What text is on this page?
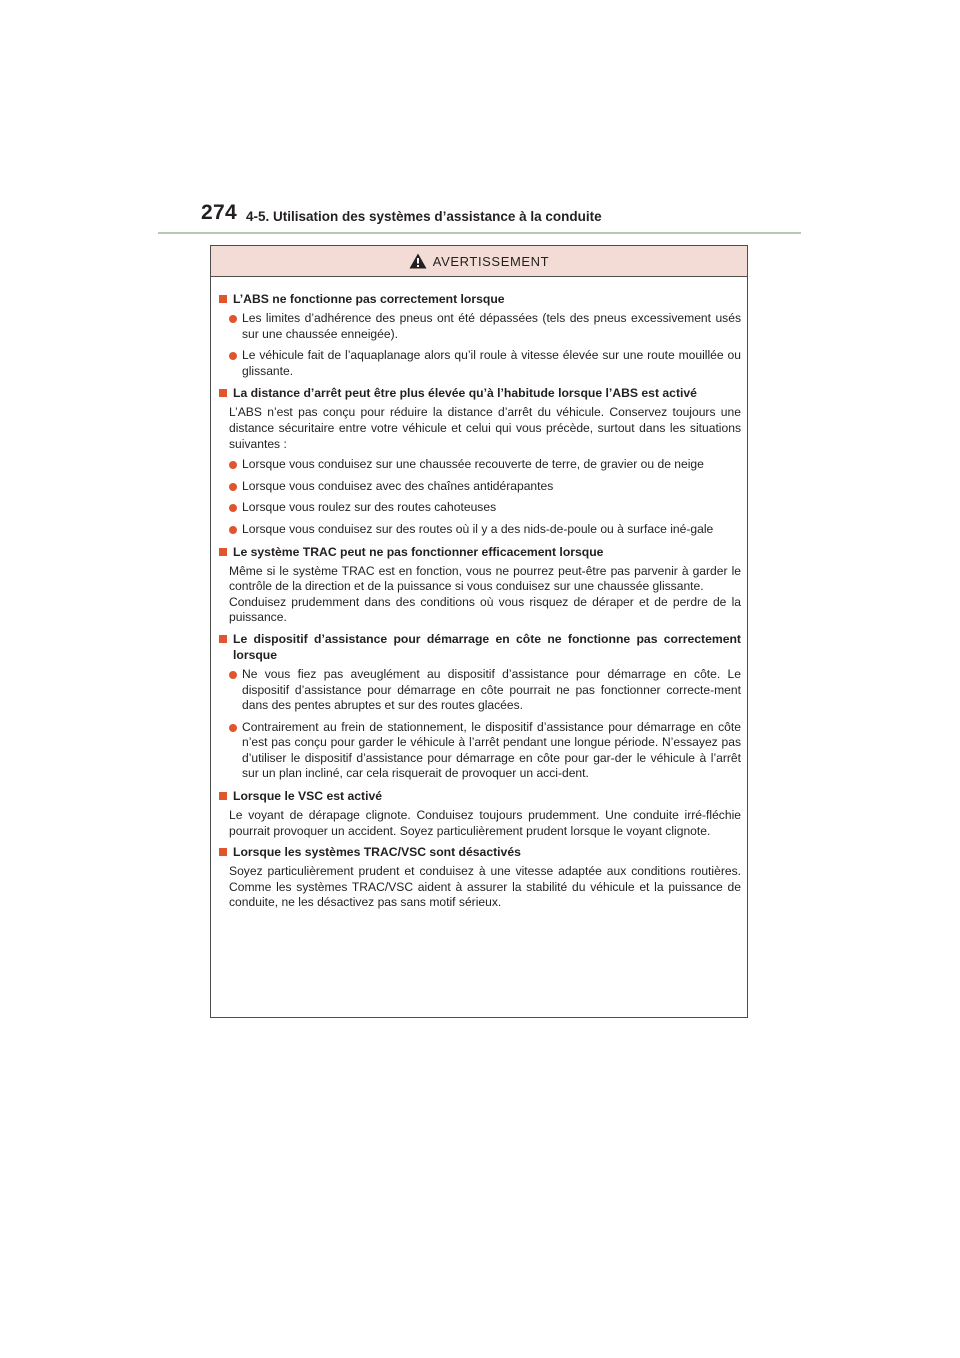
274 4-5. Utilisation des systèmes d’assistance à la conduite
AVERTISSEMENT
L’ABS ne fonctionne pas correctement lorsque
Les limites d’adhérence des pneus ont été dépassées (tels des pneus excessivement usés sur une chaussée enneigée).
Le véhicule fait de l’aquaplanage alors qu’il roule à vitesse élevée sur une route mouillée ou glissante.
La distance d’arrêt peut être plus élevée qu’à l’habitude lorsque l’ABS est activé
L’ABS n’est pas conçu pour réduire la distance d’arrêt du véhicule. Conservez toujours une distance sécuritaire entre votre véhicule et celui qui vous précède, surtout dans les situations suivantes :
Lorsque vous conduisez sur une chaussée recouverte de terre, de gravier ou de neige
Lorsque vous conduisez avec des chaînes antidérapantes
Lorsque vous roulez sur des routes cahoteuses
Lorsque vous conduisez sur des routes où il y a des nids-de-poule ou à surface iné-gale
Le système TRAC peut ne pas fonctionner efficacement lorsque
Même si le système TRAC est en fonction, vous ne pourrez peut-être pas parvenir à garder le contrôle de la direction et de la puissance si vous conduisez sur une chaussée glissante.
Conduisez prudemment dans des conditions où vous risquez de déraper et de perdre de la puissance.
Le dispositif d’assistance pour démarrage en côte ne fonctionne pas correctement lorsque
Ne vous fiez pas aveuglément au dispositif d’assistance pour démarrage en côte. Le dispositif d’assistance pour démarrage en côte pourrait ne pas fonctionner correcte-ment dans des pentes abruptes et sur des routes glacées.
Contrairement au frein de stationnement, le dispositif d’assistance pour démarrage en côte n’est pas conçu pour garder le véhicule à l’arrêt pendant une longue période. N’essayez pas d’utiliser le dispositif d’assistance pour démarrage en côte pour gar-der le véhicule à l’arrêt sur un plan incliné, car cela risquerait de provoquer un acci-dent.
Lorsque le VSC est activé
Le voyant de dérapage clignote. Conduisez toujours prudemment. Une conduite irré-fléchie pourrait provoquer un accident. Soyez particulièrement prudent lorsque le voyant clignote.
Lorsque les systèmes TRAC/VSC sont désactivés
Soyez particulièrement prudent et conduisez à une vitesse adaptée aux conditions routières. Comme les systèmes TRAC/VSC aident à assurer la stabilité du véhicule et la puissance de conduite, ne les désactivez pas sans motif sérieux.
